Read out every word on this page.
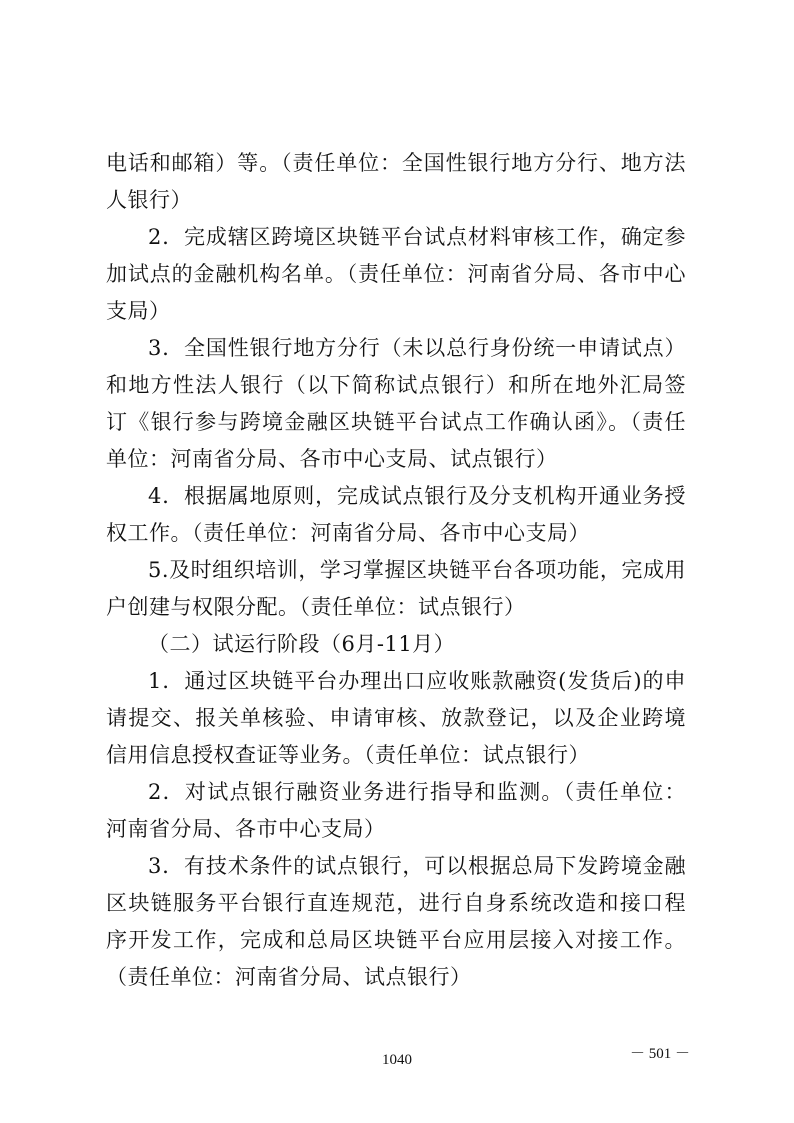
电话和邮箱）等。（责任单位：全国性银行地方分行、地方法人银行）

2．完成辖区跨境区块链平台试点材料审核工作，确定参加试点的金融机构名单。（责任单位：河南省分局、各市中心支局）

3．全国性银行地方分行（未以总行身份统一申请试点）和地方性法人银行（以下简称试点银行）和所在地外汇局签订《银行参与跨境金融区块链平台试点工作确认函》。（责任单位：河南省分局、各市中心支局、试点银行）

4．根据属地原则，完成试点银行及分支机构开通业务授权工作。（责任单位：河南省分局、各市中心支局）

5.及时组织培训，学习掌握区块链平台各项功能，完成用户创建与权限分配。（责任单位：试点银行）

（二）试运行阶段（6月-11月）

1．通过区块链平台办理出口应收账款融资(发货后)的申请提交、报关单核验、申请审核、放款登记，以及企业跨境信用信息授权查证等业务。（责任单位：试点银行）

2．对试点银行融资业务进行指导和监测。（责任单位：河南省分局、各市中心支局）

3．有技术条件的试点银行，可以根据总局下发跨境金融区块链服务平台银行直连规范，进行自身系统改造和接口程序开发工作，完成和总局区块链平台应用层接入对接工作。（责任单位：河南省分局、试点银行）

－ 501 －
1040
